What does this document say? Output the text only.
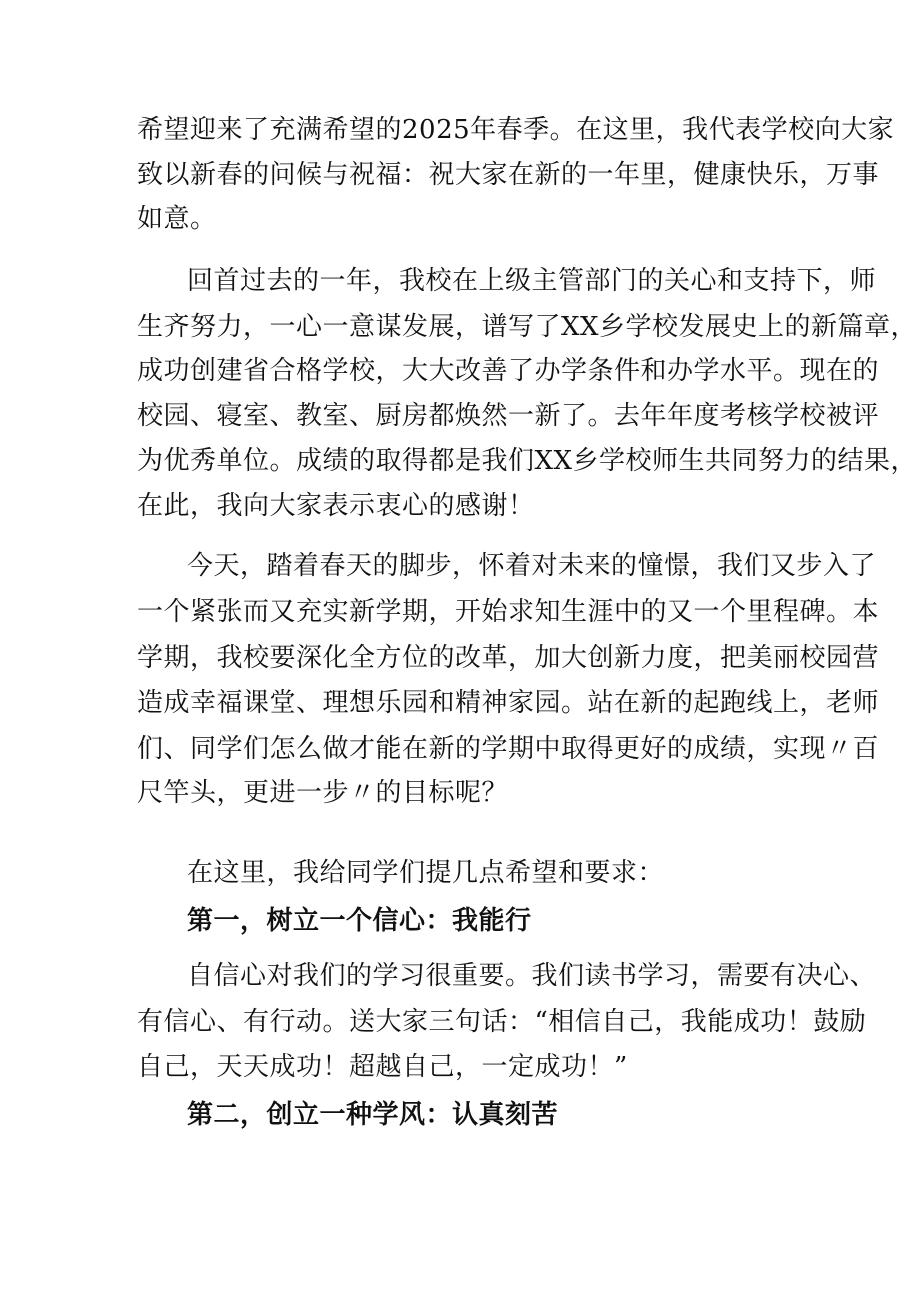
希望迎来了充满希望的2025年春季。在这里，我代表学校向大家
致以新春的问候与祝福：祝大家在新的一年里，健康快乐，万事
如意。
回首过去的一年，我校在上级主管部门的关心和支持下，师
生齐努力，一心一意谋发展，谱写了XX乡学校发展史上的新篇章，
成功创建省合格学校，大大改善了办学条件和办学水平。现在的
校园、寝室、教室、厨房都焕然一新了。去年年度考核学校被评
为优秀单位。成绩的取得都是我们XX乡学校师生共同努力的结果，
在此，我向大家表示衷心的感谢！
今天，踏着春天的脚步，怀着对未来的憧憬，我们又步入了
一个紧张而又充实新学期，开始求知生涯中的又一个里程碑。本
学期，我校要深化全方位的改革，加大创新力度，把美丽校园营
造成幸福课堂、理想乐园和精神家园。站在新的起跑线上，老师
们、同学们怎么做才能在新的学期中取得更好的成绩，实现〃百
尺竿头，更进一步〃的目标呢？
在这里，我给同学们提几点希望和要求：
第一，树立一个信心：我能行
自信心对我们的学习很重要。我们读书学习，需要有决心、
有信心、有行动。送大家三句话：“相信自己，我能成功！鼓励
自己，天天成功！超越自己，一定成功！”
第二，创立一种学风：认真刻苦
